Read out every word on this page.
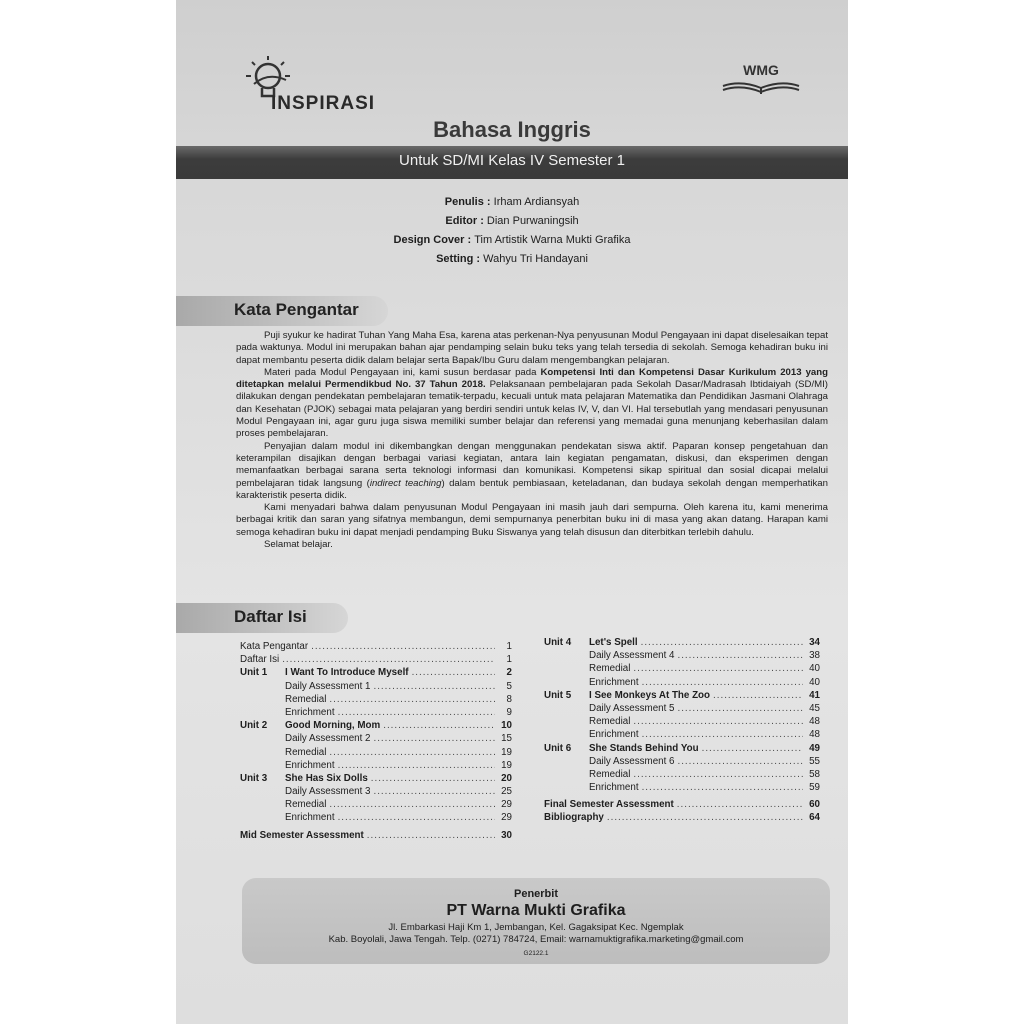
INSPIRASI
WMG
Bahasa Inggris
Untuk SD/MI Kelas IV Semester 1
Penulis : Irham Ardiansyah
Editor : Dian Purwaningsih
Design Cover : Tim Artistik Warna Mukti Grafika
Setting : Wahyu Tri Handayani
Kata Pengantar

Puji syukur ke hadirat Tuhan Yang Maha Esa, karena atas perkenan-Nya penyusunan Modul Pengayaan ini dapat diselesaikan tepat pada waktunya. Modul ini merupakan bahan ajar pendamping selain buku teks yang telah tersedia di sekolah. Semoga kehadiran buku ini dapat membantu peserta didik dalam belajar serta Bapak/Ibu Guru dalam mengembangkan pelajaran.

Materi pada Modul Pengayaan ini, kami susun berdasar pada Kompetensi Inti dan Kompetensi Dasar Kurikulum 2013 yang ditetapkan melalui Permendikbud No. 37 Tahun 2018. Pelaksanaan pembelajaran pada Sekolah Dasar/Madrasah Ibtidaiyah (SD/MI) dilakukan dengan pendekatan pembelajaran tematik-terpadu, kecuali untuk mata pelajaran Matematika dan Pendidikan Jasmani Olahraga dan Kesehatan (PJOK) sebagai mata pelajaran yang berdiri sendiri untuk kelas IV, V, dan VI. Hal tersebutlah yang mendasari penyusunan Modul Pengayaan ini, agar guru juga siswa memiliki sumber belajar dan referensi yang memadai guna menunjang keberhasilan dalam proses pembelajaran.

Penyajian dalam modul ini dikembangkan dengan menggunakan pendekatan siswa aktif. Paparan konsep pengetahuan dan keterampilan disajikan dengan berbagai variasi kegiatan, antara lain kegiatan pengamatan, diskusi, dan eksperimen dengan memanfaatkan berbagai sarana serta teknologi informasi dan komunikasi. Kompetensi sikap spiritual dan sosial dicapai melalui pembelajaran tidak langsung (indirect teaching) dalam bentuk pembiasaan, keteladanan, dan budaya sekolah dengan memperhatikan karakteristik peserta didik.

Kami menyadari bahwa dalam penyusunan Modul Pengayaan ini masih jauh dari sempurna. Oleh karena itu, kami menerima berbagai kritik dan saran yang sifatnya membangun, demi sempurnanya penerbitan buku ini di masa yang akan datang. Harapan kami semoga kehadiran buku ini dapat menjadi pendamping Buku Siswanya yang telah disusun dan diterbitkan terlebih dahulu.

Selamat belajar.

Daftar Isi
Kata Pengantar .....	1
Daftar Isi .....	1
Unit 1	I Want To Introduce Myself .....	2
Daily Assessment 1 .....	5
Remedial .....	8
Enrichment .....	9
Unit 2	Good Morning, Mom .....	10
Daily Assessment 2 .....	15
Remedial .....	19
Enrichment .....	19
Unit 3	She Has Six Dolls .....	20
Daily Assessment 3 .....	25
Remedial .....	29
Enrichment .....	29
Mid Semester Assessment .....	30
Unit 4	Let's Spell .....	34
Daily Assessment 4 .....	38
Remedial .....	40
Enrichment .....	40
Unit 5	I See Monkeys At The Zoo .....	41
Daily Assessment 5 .....	45
Remedial .....	48
Enrichment .....	48
Unit 6	She Stands Behind You .....	49
Daily Assessment 6 .....	55
Remedial .....	58
Enrichment .....	59
Final Semester Assessment .....	60
Bibliography .....	64
Penerbit
PT Warna Mukti Grafika
Jl. Embarkasi Haji Km 1, Jembangan, Kel. Gagaksipat Kec. Ngemplak
Kab. Boyolali, Jawa Tengah. Telp. (0271) 784724, Email: warnamuktigrafika.marketing@gmail.com
G2122.1
